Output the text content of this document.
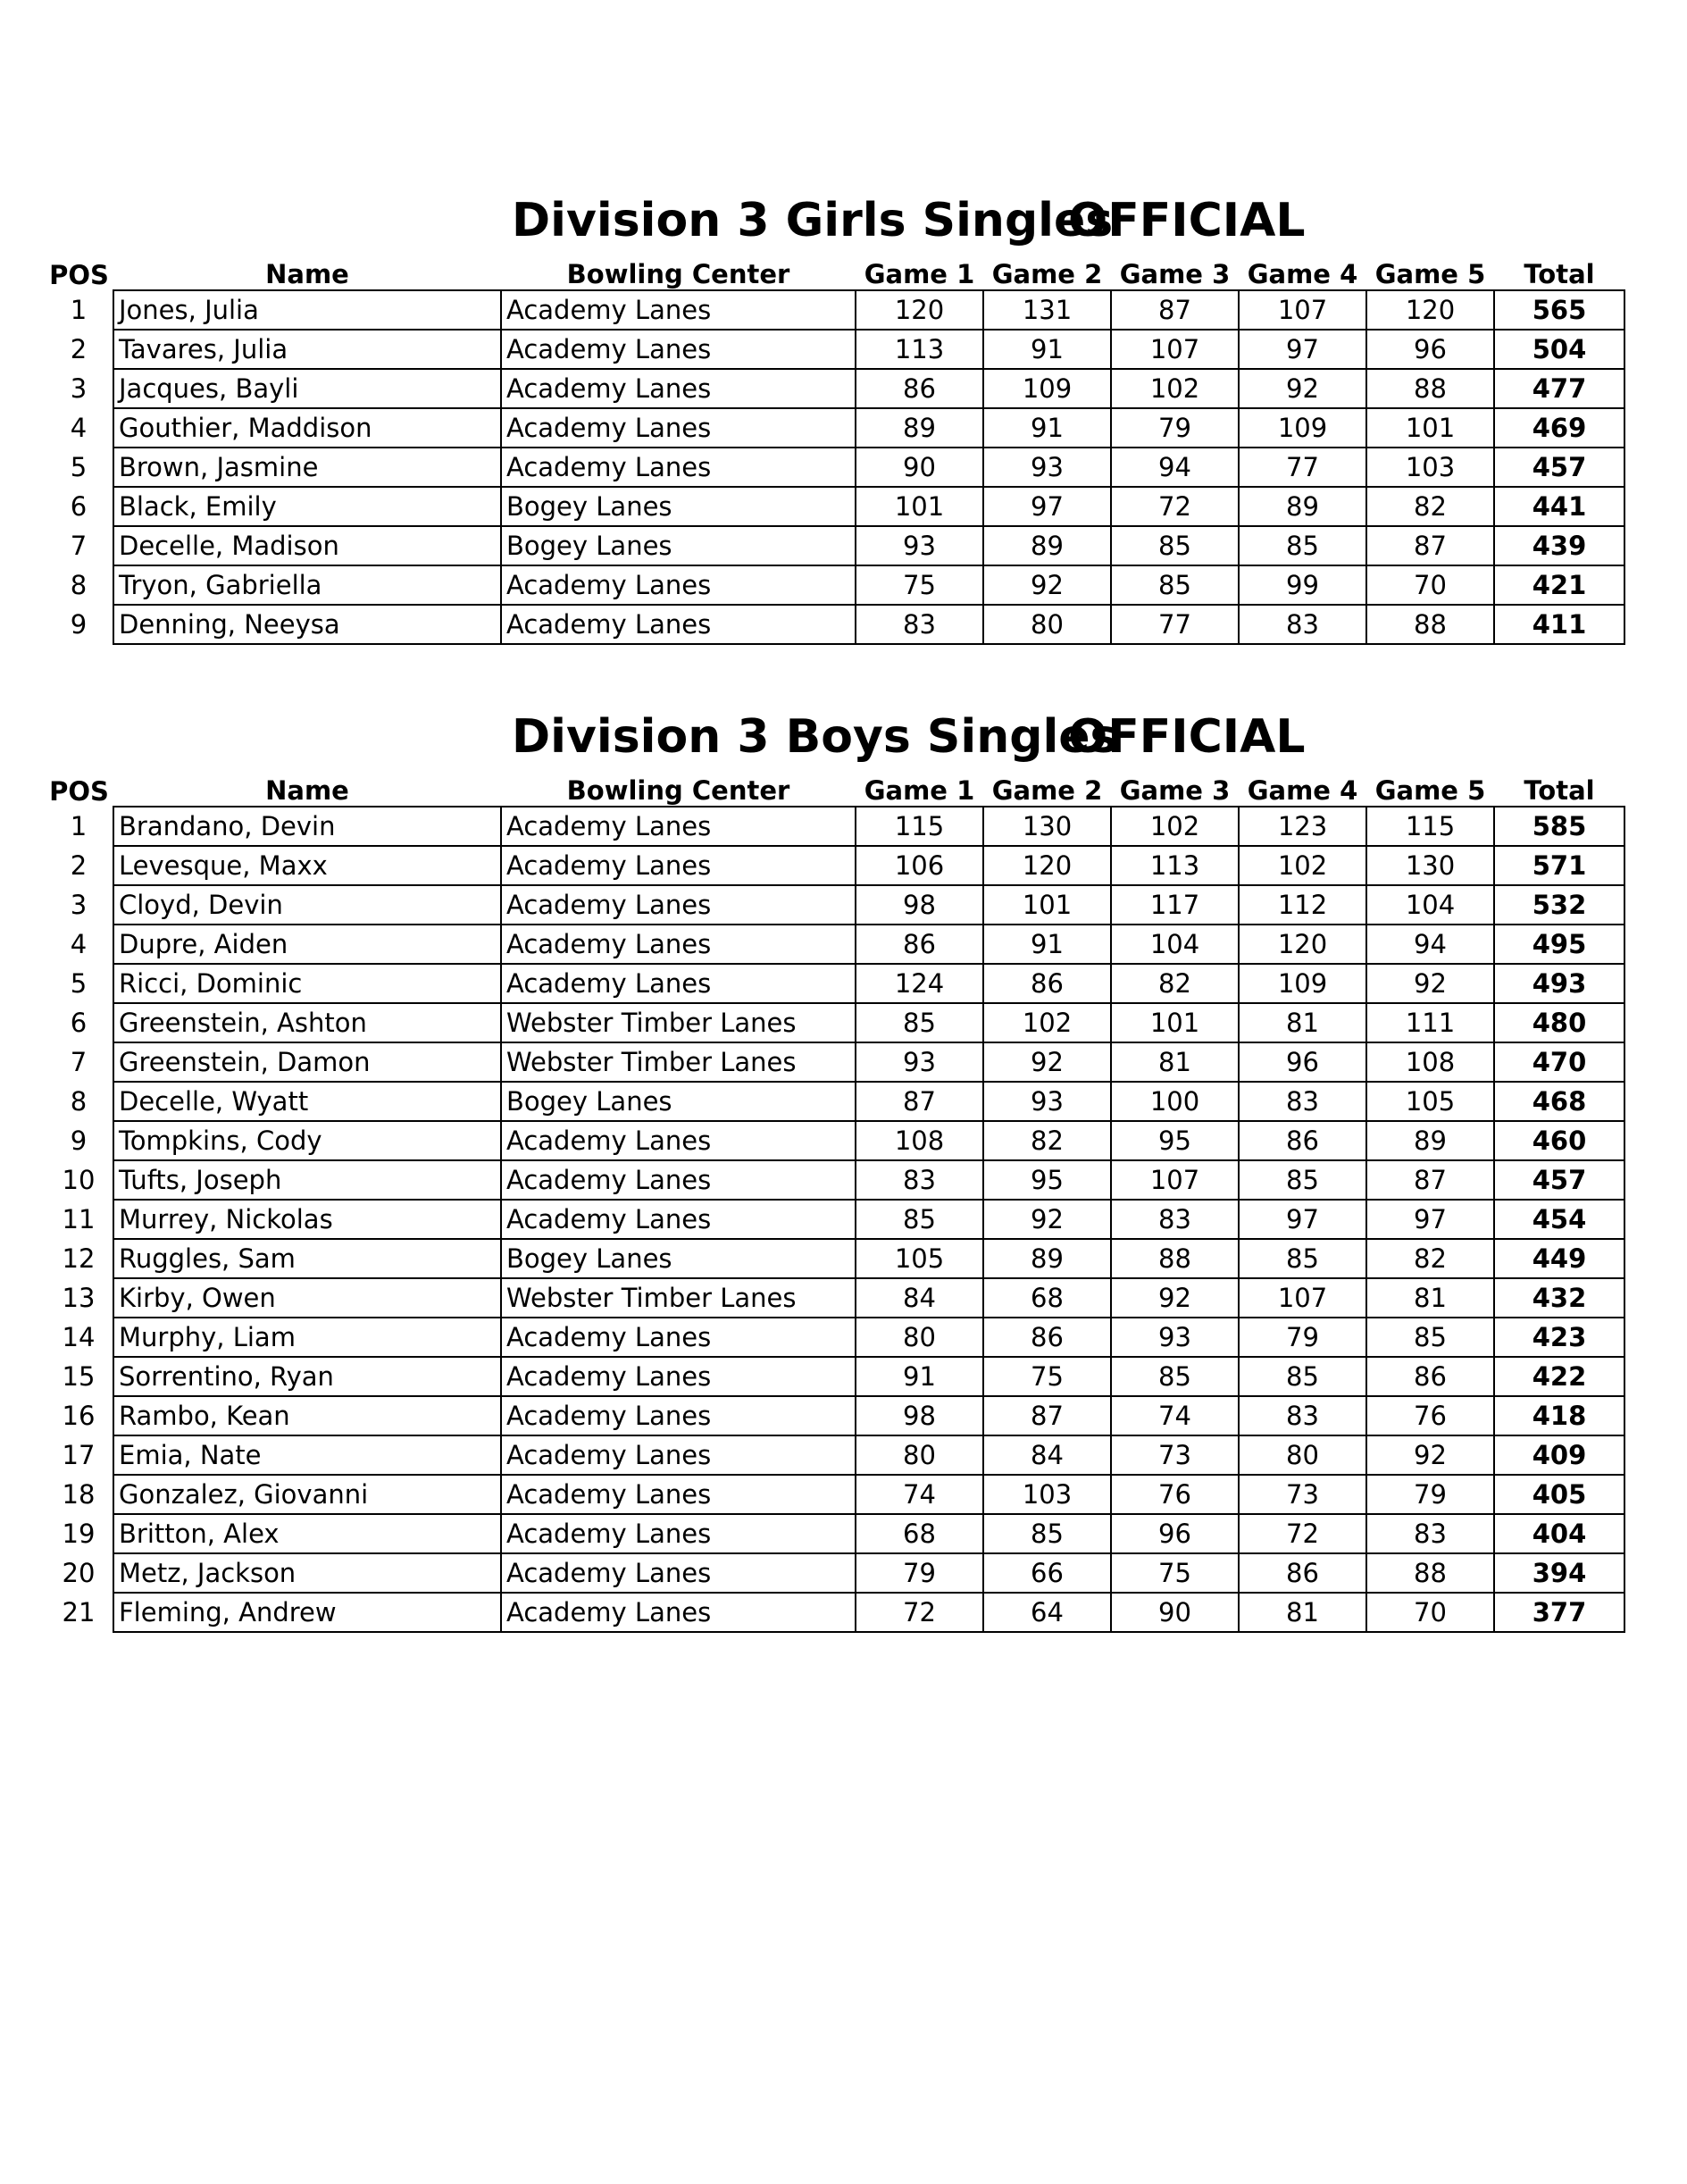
Division 3 Girls Singles

OFFICIAL

POS	Name	Bowling Center	Game 1	Game 2	Game 3	Game 4	Game 5	Total
1	Jones, Julia	Academy Lanes	120	131	87	107	120	565
2	Tavares, Julia	Academy Lanes	113	91	107	97	96	504
3	Jacques, Bayli	Academy Lanes	86	109	102	92	88	477
4	Gouthier, Maddison	Academy Lanes	89	91	79	109	101	469
5	Brown, Jasmine	Academy Lanes	90	93	94	77	103	457
6	Black, Emily	Bogey Lanes	101	97	72	89	82	441
7	Decelle, Madison	Bogey Lanes	93	89	85	85	87	439
8	Tryon, Gabriella	Academy Lanes	75	92	85	99	70	421
9	Denning, Neeysa	Academy Lanes	83	80	77	83	88	411

Division 3 Boys Singles

OFFICIAL

POS	Name	Bowling Center	Game 1	Game 2	Game 3	Game 4	Game 5	Total
1	Brandano, Devin	Academy Lanes	115	130	102	123	115	585
2	Levesque, Maxx	Academy Lanes	106	120	113	102	130	571
3	Cloyd, Devin	Academy Lanes	98	101	117	112	104	532
4	Dupre, Aiden	Academy Lanes	86	91	104	120	94	495
5	Ricci, Dominic	Academy Lanes	124	86	82	109	92	493
6	Greenstein, Ashton	Webster Timber Lanes	85	102	101	81	111	480
7	Greenstein, Damon	Webster Timber Lanes	93	92	81	96	108	470
8	Decelle, Wyatt	Bogey Lanes	87	93	100	83	105	468
9	Tompkins, Cody	Academy Lanes	108	82	95	86	89	460
10	Tufts, Joseph	Academy Lanes	83	95	107	85	87	457
11	Murrey, Nickolas	Academy Lanes	85	92	83	97	97	454
12	Ruggles, Sam	Bogey Lanes	105	89	88	85	82	449
13	Kirby, Owen	Webster Timber Lanes	84	68	92	107	81	432
14	Murphy, Liam	Academy Lanes	80	86	93	79	85	423
15	Sorrentino, Ryan	Academy Lanes	91	75	85	85	86	422
16	Rambo, Kean	Academy Lanes	98	87	74	83	76	418
17	Emia, Nate	Academy Lanes	80	84	73	80	92	409
18	Gonzalez, Giovanni	Academy Lanes	74	103	76	73	79	405
19	Britton, Alex	Academy Lanes	68	85	96	72	83	404
20	Metz, Jackson	Academy Lanes	79	66	75	86	88	394
21	Fleming, Andrew	Academy Lanes	72	64	90	81	70	377
